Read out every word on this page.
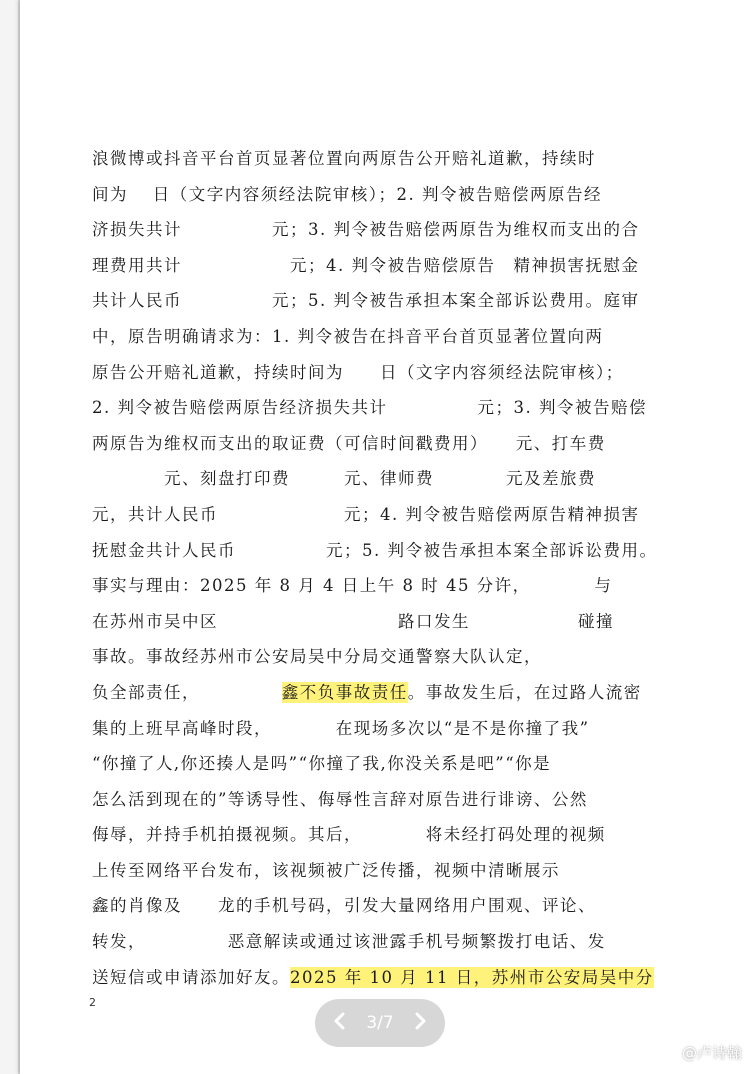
浪微博或抖音平台首页显著位置向两原告公开赔礼道歉，持续时
间为 　日（文字内容须经法院审核）；2. 判令被告赔偿两原告经
济损失共计　　　　　元；3. 判令被告赔偿两原告为维权而支出的合
理费用共计　　　　　　元；4. 判令被告赔偿原告　精神损害抚慰金
共计人民币　　　　　元；5. 判令被告承担本案全部诉讼费用。庭审
中，原告明确请求为：1. 判令被告在抖音平台首页显著位置向两
原告公开赔礼道歉，持续时间为　　日（文字内容须经法院审核）；
2. 判令被告赔偿两原告经济损失共计　　　　　元；3. 判令被告赔偿
两原告为维权而支出的取证费（可信时间戳费用）　　元、打车费
　　　　元、刻盘打印费　　　元、律师费　　　　元及差旅费
元，共计人民币　　　　　　　元；4. 判令被告赔偿两原告精神损害
抚慰金共计人民币　　　　　元；5. 判令被告承担本案全部诉讼费用。
事实与理由：2025 年 8 月 4 日上午 8 时 45 分许，　　　　与
在苏州市吴中区　　　　　　　　　　路口发生　　　　　　碰撞
事故。事故经苏州市公安局吴中分局交通警察大队认定，
负全部责任，　　　　　鑫不负事故责任。事故发生后，在过路人流密
集的上班早高峰时段，　　　　在现场多次以“是不是你撞了我”
“你撞了人,你还揍人是吗”“你撞了我,你没关系是吧”“你是
怎么活到现在的”等诱导性、侮辱性言辞对原告进行诽谤、公然
侮辱，并持手机拍摄视频。其后，　　　　将未经打码处理的视频
上传至网络平台发布，该视频被广泛传播，视频中清晰展示
鑫的肖像及　　龙的手机号码，引发大量网络用户围观、评论、
转发，　　　　　恶意解读或通过该泄露手机号频繁拨打电话、发
送短信或申请添加好友。2025 年 10 月 11 日，苏州市公安局吴中分
2
3/7
@卢诗翰
